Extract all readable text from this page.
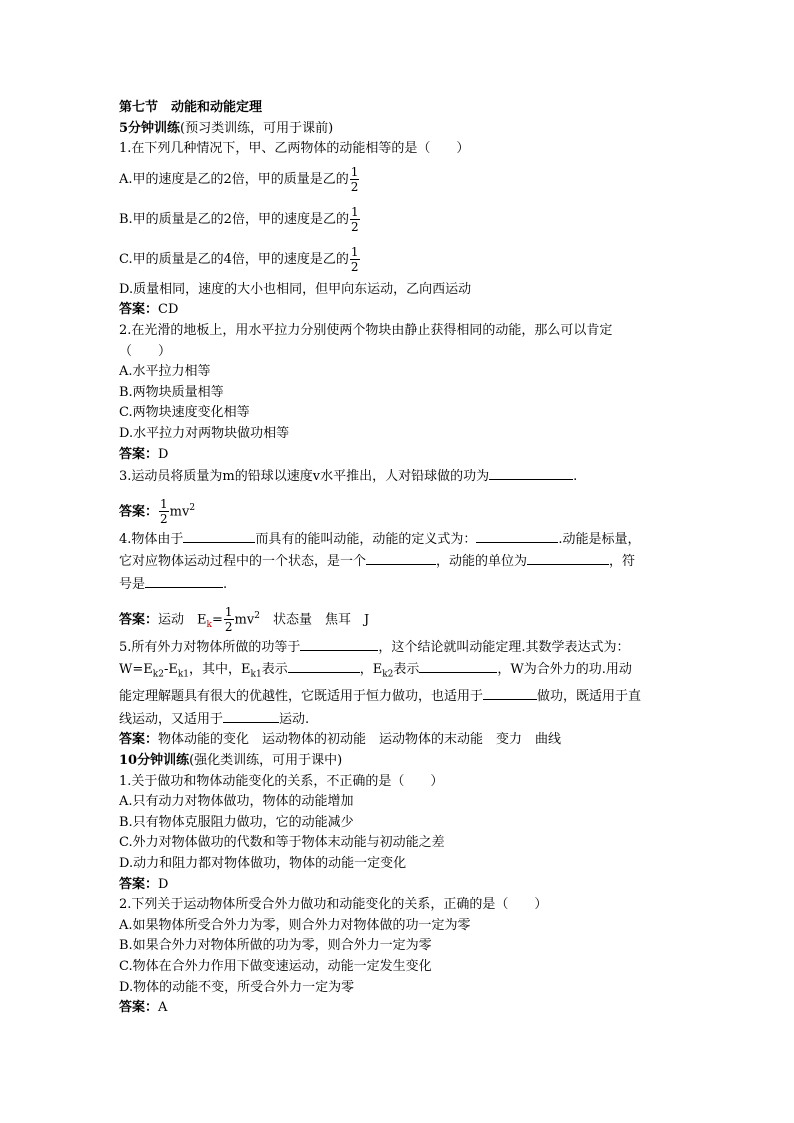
第七节　动能和动能定理
5分钟训练(预习类训练，可用于课前)
1.在下列几种情况下，甲、乙两物体的动能相等的是（　　）
A.甲的速度是乙的2倍，甲的质量是乙的 $\frac{1}{2}$
B.甲的质量是乙的2倍，甲的速度是乙的 $\frac{1}{2}$
C.甲的质量是乙的4倍，甲的速度是乙的 $\frac{1}{2}$
D.质量相同，速度的大小也相同，但甲向东运动，乙向西运动
答案：CD
2.在光滑的地板上，用水平拉力分别使两个物块由静止获得相同的动能，那么可以肯定
（　　）
A.水平拉力相等
B.两物块质量相等
C.两物块速度变化相等
D.水平拉力对两物块做功相等
答案：D
3.运动员将质量为m的铅球以速度v水平推出，人对铅球做的功为	.
答案： $\frac{1}{2} mv^2$
4.物体由于	而具有的能叫动能，动能的定义式为：	.动能是标量，
它对应物体运动过程中的一个状态，是一个	，动能的单位为	，符
号是	.
答案：运动　$E_k= \frac{1}{2} mv^2$　状态量　焦耳　J
5.所有外力对物体所做的功等于	，这个结论就叫动能定理.其数学表达式为：
$W=E_{k2}-E_{k1}$，其中，$E_{k1}$表示	，$E_{k2}$表示	，W为合外力的功.用动
能定理解题具有很大的优越性，它既适用于恒力做功，也适用于	做功，既适用于直
线运动，又适用于	运动.
答案：物体动能的变化　运动物体的初动能　运动物体的末动能　变力　曲线
10分钟训练(强化类训练，可用于课中)
1.关于做功和物体动能变化的关系，不正确的是（　　）
A.只有动力对物体做功，物体的动能增加
B.只有物体克服阻力做功，它的动能减少
C.外力对物体做功的代数和等于物体末动能与初动能之差
D.动力和阻力都对物体做功，物体的动能一定变化
答案：D
2.下列关于运动物体所受合外力做功和动能变化的关系，正确的是（　　）
A.如果物体所受合外力为零，则合外力对物体做的功一定为零
B.如果合外力对物体所做的功为零，则合外力一定为零
C.物体在合外力作用下做变速运动，动能一定发生变化
D.物体的动能不变，所受合外力一定为零
答案：A
